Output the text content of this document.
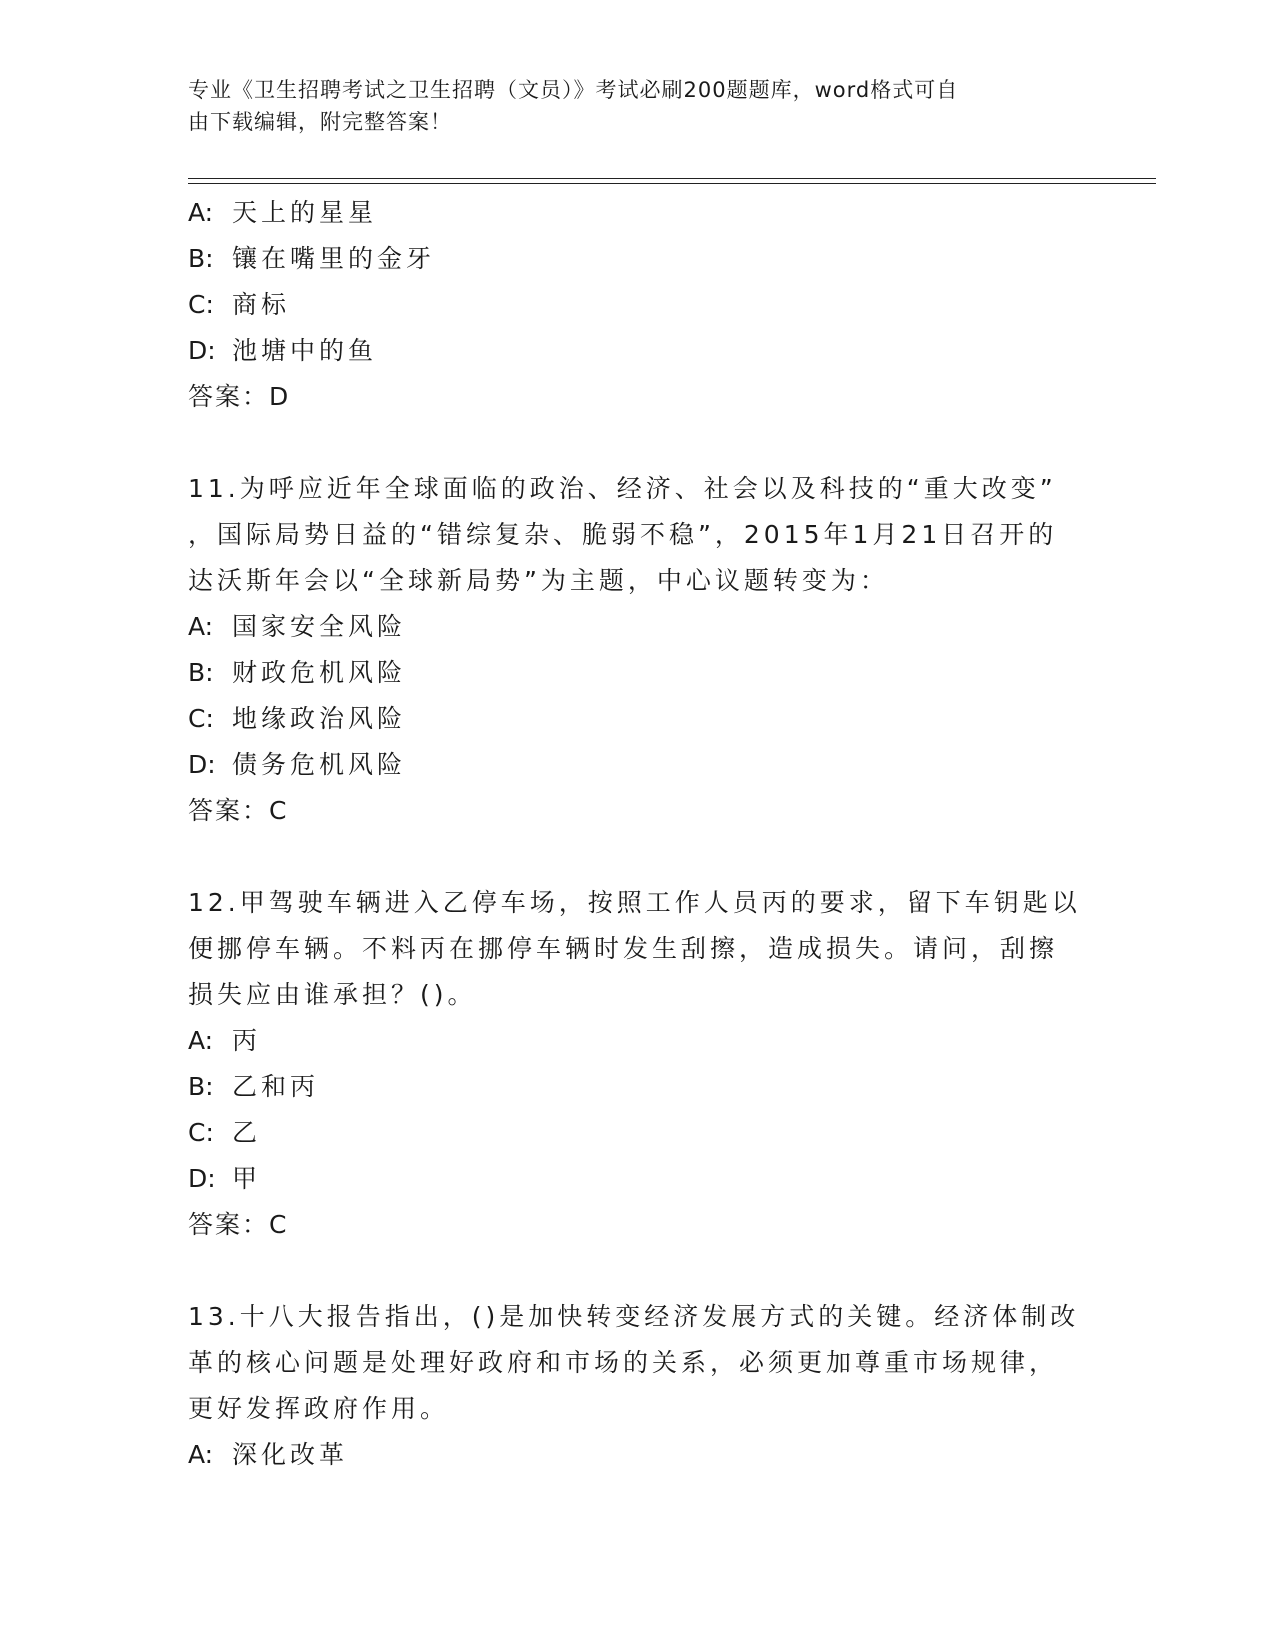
专业《卫生招聘考试之卫生招聘（文员）》考试必刷200题题库，word格式可自
由下载编辑，附完整答案！
A: 天上的星星
B: 镶在嘴里的金牙
C: 商标
D: 池塘中的鱼
答案：D
11.为呼应近年全球面临的政治、经济、社会以及科技的“重大改变”
，国际局势日益的“错综复杂、脆弱不稳”，2015年1月21日召开的
达沃斯年会以“全球新局势”为主题，中心议题转变为：
A: 国家安全风险
B: 财政危机风险
C: 地缘政治风险
D: 债务危机风险
答案：C
12.甲驾驶车辆进入乙停车场，按照工作人员丙的要求，留下车钥匙以
便挪停车辆。不料丙在挪停车辆时发生刮擦，造成损失。请问，刮擦
损失应由谁承担？()。
A: 丙
B: 乙和丙
C: 乙
D: 甲
答案：C
13.十八大报告指出，()是加快转变经济发展方式的关键。经济体制改
革的核心问题是处理好政府和市场的关系，必须更加尊重市场规律，
更好发挥政府作用。
A: 深化改革
